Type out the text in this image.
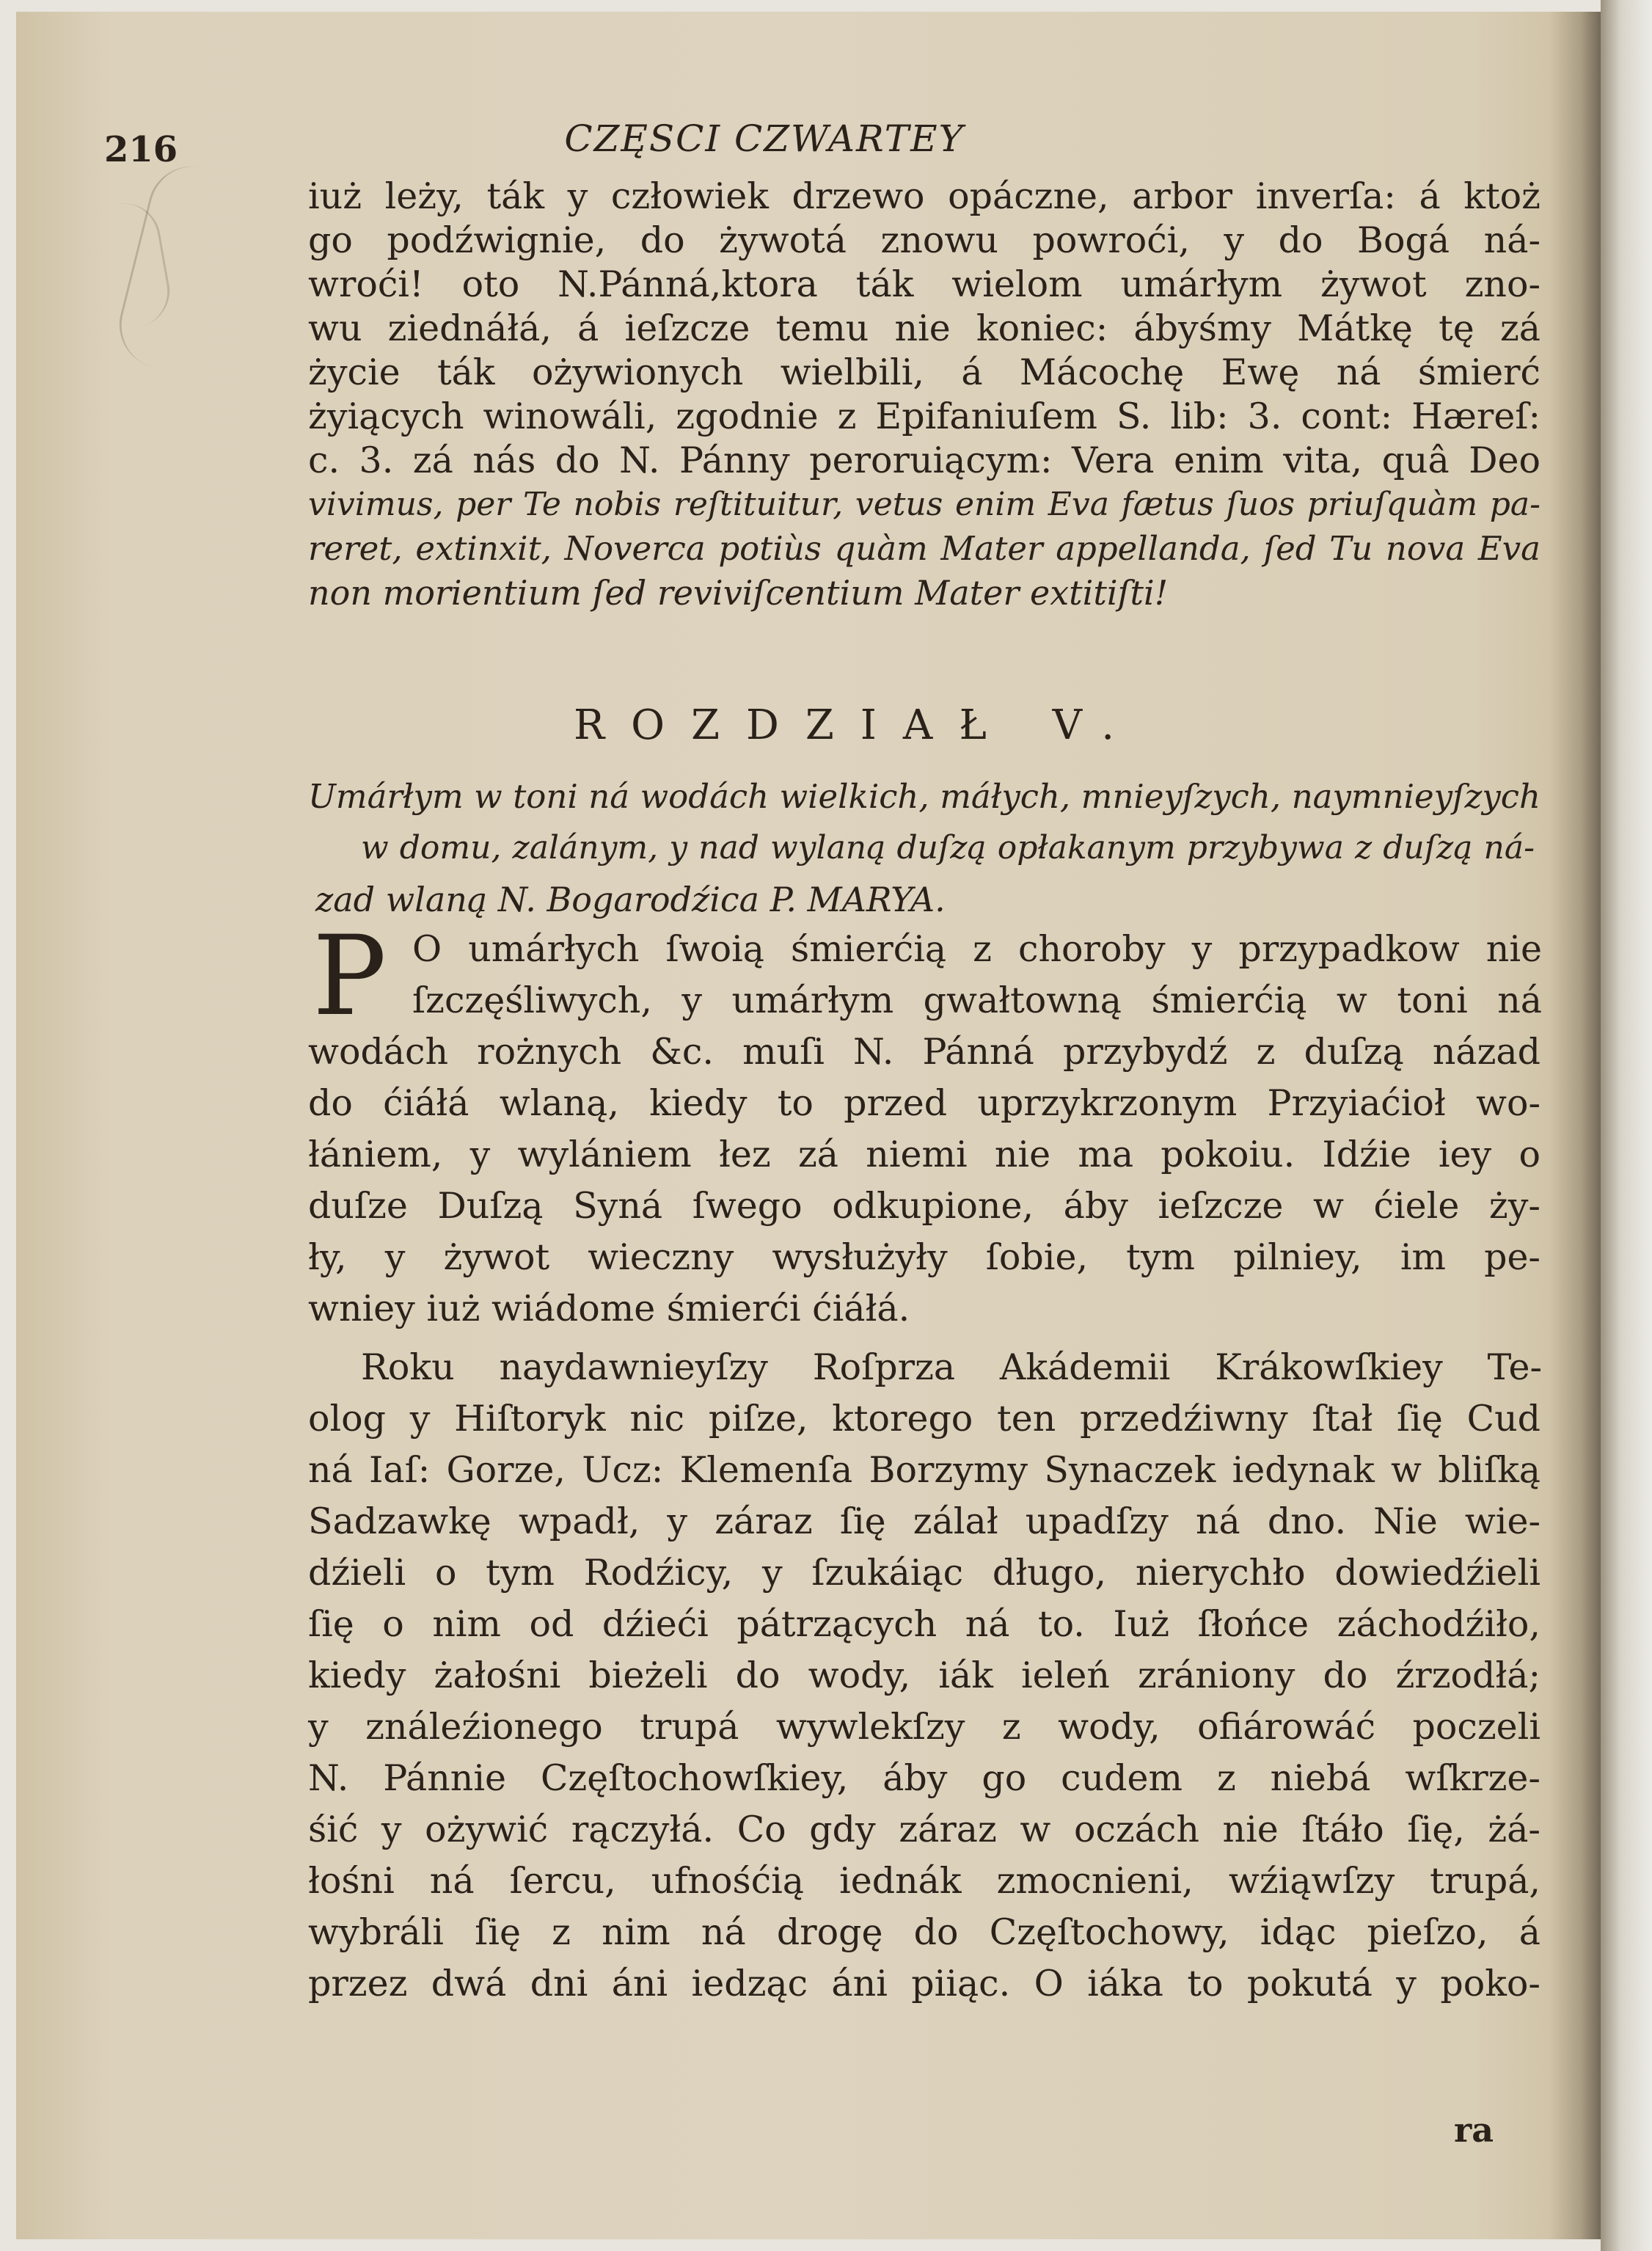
216	CZĘSCI CZWARTEY
iuż leży, ták y człowiek drzewo opáczne, arbor inverſa: á ktoż
go podźwignie, do żywotá znowu powroći, y do Bogá ná-
wroći! oto N.Pánná,ktora ták wielom umárłym żywot zno-
wu ziednáłá, á ieſzcze temu nie koniec: ábyśmy Mátkę tę zá
życie ták ożywionych wielbili, á Mácochę Ewę ná śmierć
żyiących winowáli, zgodnie z Epifaniuſem S. lib: 3. cont: Hæreſ:
c. 3. zá nás do N. Pánny peroruiącym: Vera enim vita, quâ Deo
vivimus, per Te nobis reſtituitur, vetus enim Eva fætus ſuos priuſquàm pa-
reret, extinxit, Noverca potiùs quàm Mater appellanda, ſed Tu nova Eva
non morientium ſed reviviſcentium Mater extitiſti!
ROZDZIAŁ V.
Umárłym w toni ná wodách wielkich, máłych, mnieyſzych, naymnieyſzych
w domu, zalánym, y nad wylaną duſzą opłakanym przybywa z duſzą ná-
zad wlaną N. Bogarodźica P. MARYA.
P O umárłych ſwoią śmierćią z choroby y przypadkow nie
ſzczęśliwych, y umárłym gwałtowną śmierćią w toni ná
wodách rożnych &c. muſi N. Pánná przybydź z duſzą názad
do ćiáłá wlaną, kiedy to przed uprzykrzonym Przyiaćioł wo-
łániem, y wylániem łez zá niemi nie ma pokoiu. Idźie iey o
duſze Duſzą Syná ſwego odkupione, áby ieſzcze w ćiele ży-
ły, y żywot wieczny wysłużyły ſobie, tym pilniey, im pe-
wniey iuż wiádome śmierći ćiáłá.
Roku naydawnieyſzy Roſprza Akádemii Krákowſkiey Te-
olog y Hiſtoryk nic piſze, ktorego ten przedźiwny ſtał ſię Cud
ná Iaſ: Gorze, Ucz: Klemenſa Borzymy Synaczek iedynak w bliſką
Sadzawkę wpadł, y záraz ſię zálał upadſzy ná dno. Nie wie-
dźieli o tym Rodźicy, y ſzukáiąc długo, nierychło dowiedźieli
ſię o nim od dźieći pátrzących ná to. Iuż ſłońce záchodźiło,
kiedy żałośni bieżeli do wody, iák ieleń zrániony do źrzodłá;
y ználeźionego trupá wywlekſzy z wody, ofiárowáć poczeli
N. Pánnie Częſtochowſkiey, áby go cudem z niebá wſkrze-
śić y ożywić rączyłá. Co gdy záraz w oczách nie ſtáło ſię, żá-
łośni ná ſercu, ufnośćią iednák zmocnieni, wźiąwſzy trupá,
wybráli ſię z nim ná drogę do Częſtochowy, idąc pieſzo, á
przez dwá dni áni iedząc áni piiąc. O iáka to pokutá y poko-
ra
